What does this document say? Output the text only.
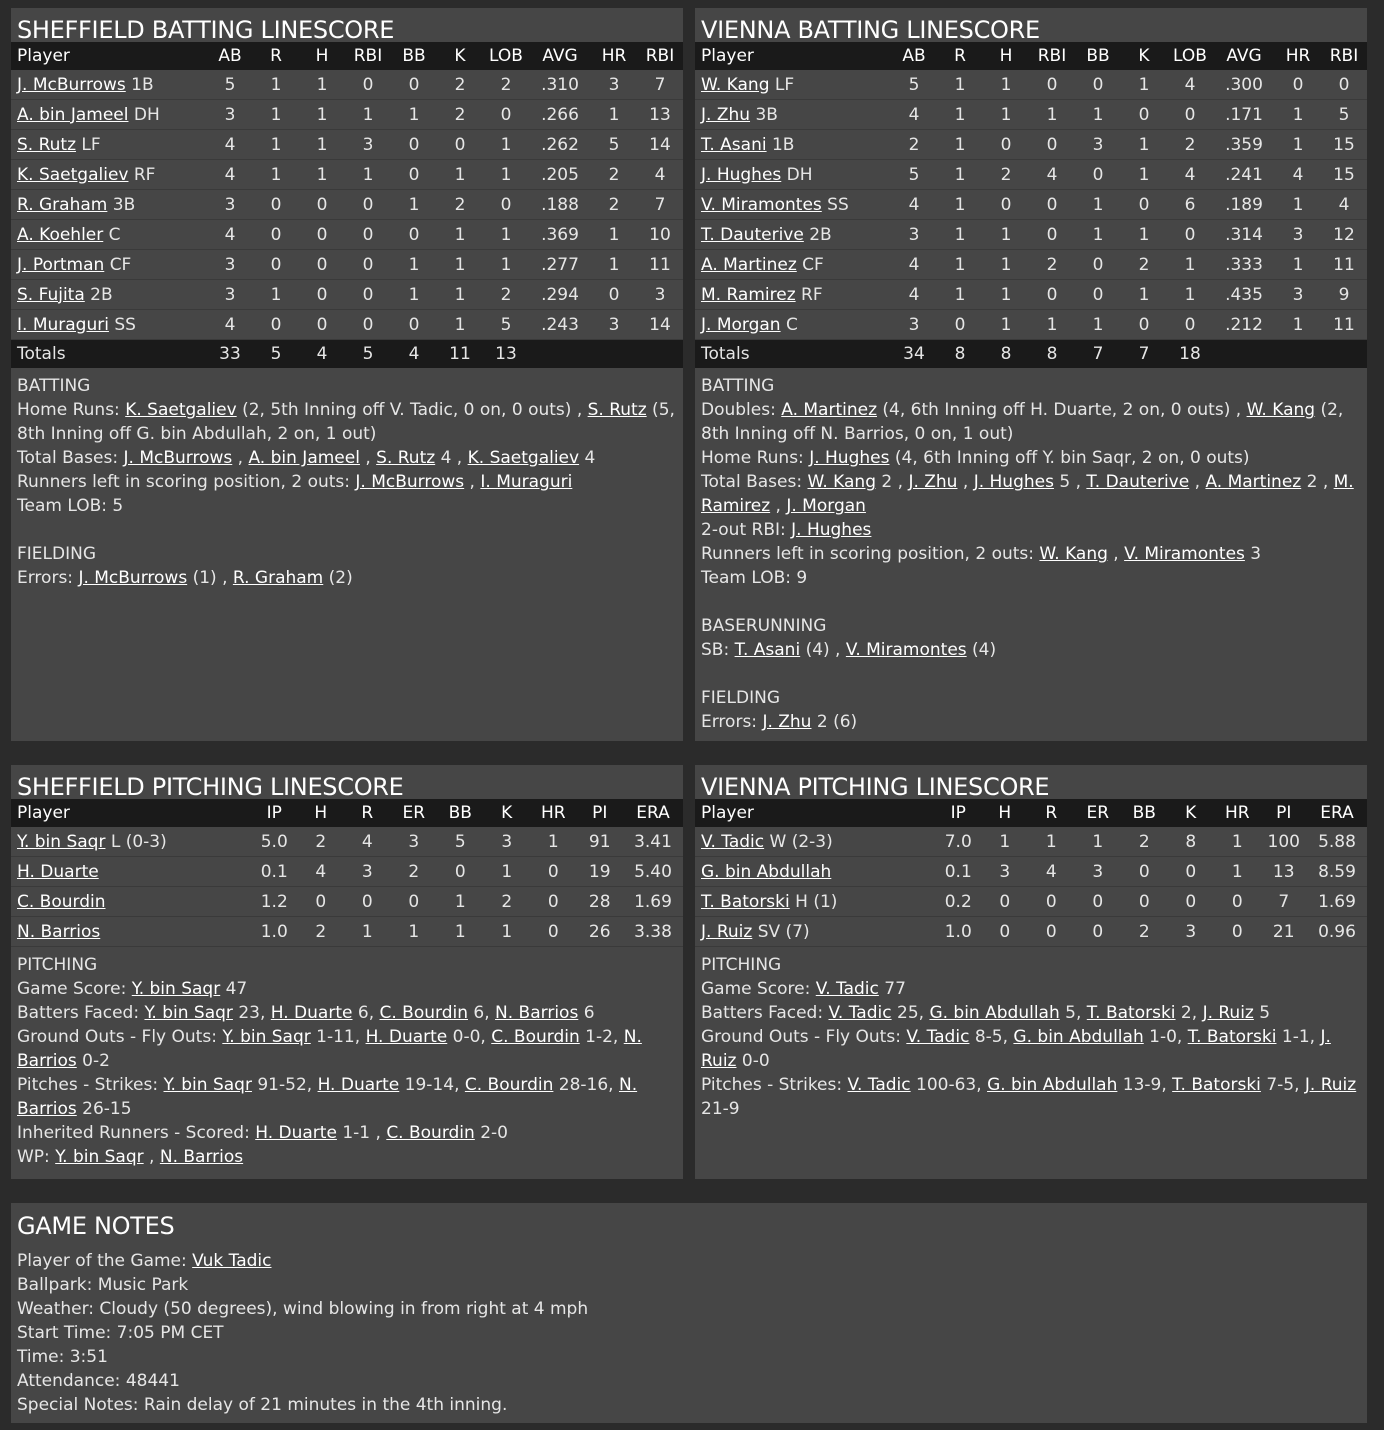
SHEFFIELD BATTING LINESCORE
Player	AB	R	H	RBI	BB	K	LOB	AVG	HR	RBI
J. McBurrows 1B	5	1	1	0	0	2	2	.310	3	7
A. bin Jameel DH	3	1	1	1	1	2	0	.266	1	13
S. Rutz LF	4	1	1	3	0	0	1	.262	5	14
K. Saetgaliev RF	4	1	1	1	0	1	1	.205	2	4
R. Graham 3B	3	0	0	0	1	2	0	.188	2	7
A. Koehler C	4	0	0	0	0	1	1	.369	1	10
J. Portman CF	3	0	0	0	1	1	1	.277	1	11
S. Fujita 2B	3	1	0	0	1	1	2	.294	0	3
I. Muraguri SS	4	0	0	0	0	1	5	.243	3	14
Totals	33	5	4	5	4	11	13			
BATTING
Home Runs: K. Saetgaliev (2, 5th Inning off V. Tadic, 0 on, 0 outs) , S. Rutz (5, 8th Inning off G. bin Abdullah, 2 on, 1 out)
Total Bases: J. McBurrows , A. bin Jameel , S. Rutz 4 , K. Saetgaliev 4
Runners left in scoring position, 2 outs: J. McBurrows , I. Muraguri
Team LOB: 5
FIELDING
Errors: J. McBurrows (1) , R. Graham (2)
VIENNA BATTING LINESCORE
Player	AB	R	H	RBI	BB	K	LOB	AVG	HR	RBI
W. Kang LF	5	1	1	0	0	1	4	.300	0	0
J. Zhu 3B	4	1	1	1	1	0	0	.171	1	5
T. Asani 1B	2	1	0	0	3	1	2	.359	1	15
J. Hughes DH	5	1	2	4	0	1	4	.241	4	15
V. Miramontes SS	4	1	0	0	1	0	6	.189	1	4
T. Dauterive 2B	3	1	1	0	1	1	0	.314	3	12
A. Martinez CF	4	1	1	2	0	2	1	.333	1	11
M. Ramirez RF	4	1	1	0	0	1	1	.435	3	9
J. Morgan C	3	0	1	1	1	0	0	.212	1	11
Totals	34	8	8	8	7	7	18			
BATTING
Doubles: A. Martinez (4, 6th Inning off H. Duarte, 2 on, 0 outs) , W. Kang (2, 8th Inning off N. Barrios, 0 on, 1 out)
Home Runs: J. Hughes (4, 6th Inning off Y. bin Saqr, 2 on, 0 outs)
Total Bases: W. Kang 2 , J. Zhu , J. Hughes 5 , T. Dauterive , A. Martinez 2 , M. Ramirez , J. Morgan
2-out RBI: J. Hughes
Runners left in scoring position, 2 outs: W. Kang , V. Miramontes 3
Team LOB: 9
BASERUNNING
SB: T. Asani (4) , V. Miramontes (4)
FIELDING
Errors: J. Zhu 2 (6)
SHEFFIELD PITCHING LINESCORE
Player	IP	H	R	ER	BB	K	HR	PI	ERA
Y. bin Saqr L (0-3)	5.0	2	4	3	5	3	1	91	3.41
H. Duarte	0.1	4	3	2	0	1	0	19	5.40
C. Bourdin	1.2	0	0	0	1	2	0	28	1.69
N. Barrios	1.0	2	1	1	1	1	0	26	3.38
PITCHING
Game Score: Y. bin Saqr 47
Batters Faced: Y. bin Saqr 23, H. Duarte 6, C. Bourdin 6, N. Barrios 6
Ground Outs - Fly Outs: Y. bin Saqr 1-11, H. Duarte 0-0, C. Bourdin 1-2, N. Barrios 0-2
Pitches - Strikes: Y. bin Saqr 91-52, H. Duarte 19-14, C. Bourdin 28-16, N. Barrios 26-15
Inherited Runners - Scored: H. Duarte 1-1 , C. Bourdin 2-0
WP: Y. bin Saqr , N. Barrios
VIENNA PITCHING LINESCORE
Player	IP	H	R	ER	BB	K	HR	PI	ERA
V. Tadic W (2-3)	7.0	1	1	1	2	8	1	100	5.88
G. bin Abdullah	0.1	3	4	3	0	0	1	13	8.59
T. Batorski H (1)	0.2	0	0	0	0	0	0	7	1.69
J. Ruiz SV (7)	1.0	0	0	0	2	3	0	21	0.96
PITCHING
Game Score: V. Tadic 77
Batters Faced: V. Tadic 25, G. bin Abdullah 5, T. Batorski 2, J. Ruiz 5
Ground Outs - Fly Outs: V. Tadic 8-5, G. bin Abdullah 1-0, T. Batorski 1-1, J. Ruiz 0-0
Pitches - Strikes: V. Tadic 100-63, G. bin Abdullah 13-9, T. Batorski 7-5, J. Ruiz 21-9
GAME NOTES
Player of the Game: Vuk Tadic
Ballpark: Music Park
Weather: Cloudy (50 degrees), wind blowing in from right at 4 mph
Start Time: 7:05 PM CET
Time: 3:51
Attendance: 48441
Special Notes: Rain delay of 21 minutes in the 4th inning.
